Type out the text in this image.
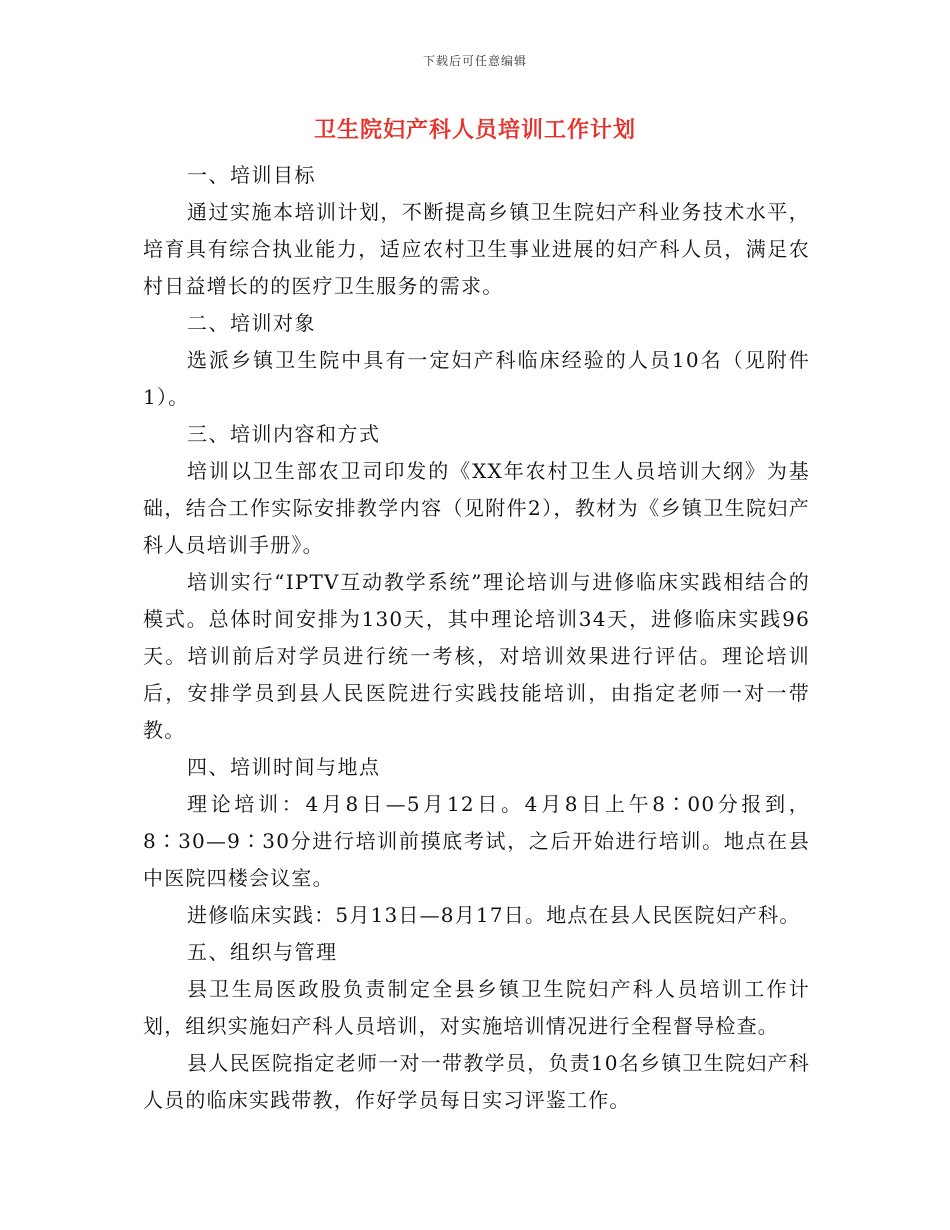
下载后可任意编辑
卫生院妇产科人员培训工作计划

一、培训目标

通过实施本培训计划，不断提高乡镇卫生院妇产科业务技术水平，培育具有综合执业能力，适应农村卫生事业进展的妇产科人员，满足农村日益增长的的医疗卫生服务的需求。

二、培训对象

选派乡镇卫生院中具有一定妇产科临床经验的人员10名（见附件1）。

三、培训内容和方式

培训以卫生部农卫司印发的《XX年农村卫生人员培训大纲》为基础，结合工作实际安排教学内容（见附件2），教材为《乡镇卫生院妇产科人员培训手册》。

培训实行“IPTV互动教学系统”理论培训与进修临床实践相结合的模式。总体时间安排为130天，其中理论培训34天，进修临床实践96天。培训前后对学员进行统一考核，对培训效果进行评估。理论培训后，安排学员到县人民医院进行实践技能培训，由指定老师一对一带教。

四、培训时间与地点

理论培训：4月8日—5月12日。4月8日上午8∶00分报到，8∶30—9∶30分进行培训前摸底考试，之后开始进行培训。地点在县中医院四楼会议室。

进修临床实践：5月13日—8月17日。地点在县人民医院妇产科。

五、组织与管理

县卫生局医政股负责制定全县乡镇卫生院妇产科人员培训工作计划，组织实施妇产科人员培训，对实施培训情况进行全程督导检查。

县人民医院指定老师一对一带教学员，负责10名乡镇卫生院妇产科人员的临床实践带教，作好学员每日实习评鉴工作。
